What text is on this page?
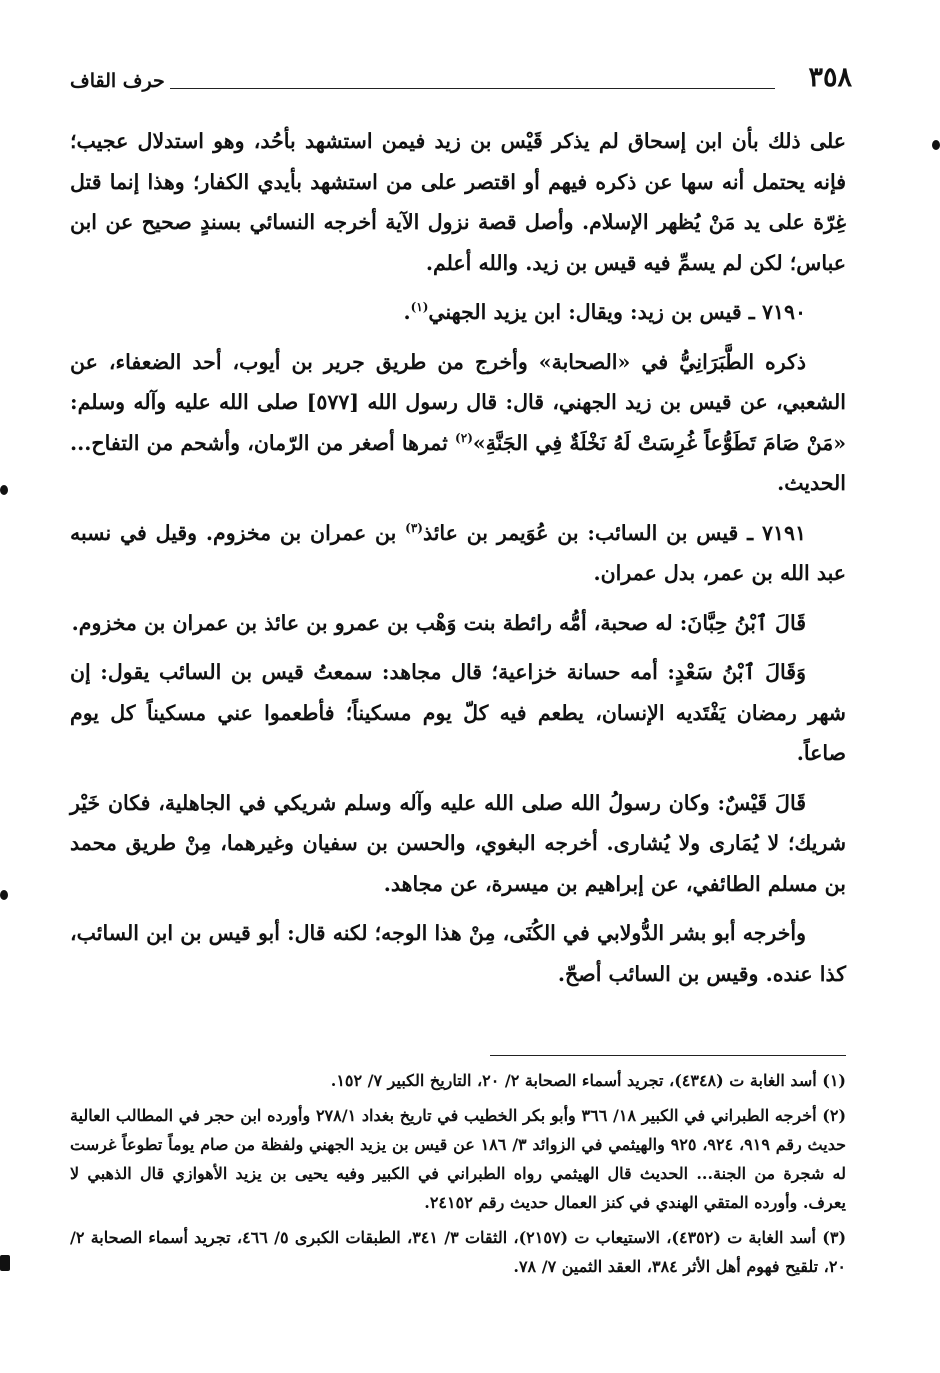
٣٥٨
حرف القاف

على ذلك بأن ابن إسحاق لم يذكر قَيْس بن زيد فيمن استشهد بأحُد، وهو استدلال عجيب؛ فإنه يحتمل أنه سها عن ذكره فيهم أو اقتصر على من استشهد بأيدي الكفار؛ وهذا إنما قتل غِرّة على يد مَنْ يُظهر الإسلام. وأصل قصة نزول الآية أخرجه النسائي بسندٍ صحيح عن ابن عباس؛ لكن لم يسمِّ فيه قيس بن زيد. والله أعلم.

٧١٩٠ ـ قيس بن زيد: ويقال: ابن يزيد الجهني$^{(١)}$.

ذكره الطَّبَرَانِيُّ في «الصحابة» وأخرج من طريق جرير بن أيوب، أحد الضعفاء، عن الشعبي، عن قيس بن زيد الجهني، قال: قال رسول الله [٥٧٧] صلى الله عليه وآله وسلم: «مَنْ صَامَ تَطَوُّعاً غُرِسَتْ لَهُ نَخْلَةٌ فِي الجَنَّةِ»$^{(٢)}$ ثمرها أصغر من الرّمان، وأشحم من التفاح... الحديث.

٧١٩١ ـ قيس بن السائب: بن عُوَيمر بن عائذ$^{(٣)}$ بن عمران بن مخزوم. وقيل في نسبه عبد الله بن عمر، بدل عمران.

قَالَ ٱبْنُ حِبَّانَ: له صحبة، أمُّه رائطة بنت وَهْب بن عمرو بن عائذ بن عمران بن مخزوم.

وَقَالَ ٱبْنُ سَعْدٍ: أمه حسانة خزاعية؛ قال مجاهد: سمعتُ قيس بن السائب يقول: إن شهر رمضان يَفْتَديه الإنسان، يطعم فيه كلّ يوم مسكيناً؛ فأطعموا عني مسكيناً كل يوم صاعاً.

قَالَ قَيْسٌ: وكان رسولُ الله صلى الله عليه وآله وسلم شريكي في الجاهلية، فكان خَيْر شريك؛ لا يُمَارى ولا يُشارى. أخرجه البغوي، والحسن بن سفيان وغيرهما، مِنْ طريق محمد بن مسلم الطائفي، عن إبراهيم بن ميسرة، عن مجاهد.

وأخرجه أبو بشر الدُّولابي في الكُنَى، مِنْ هذا الوجه؛ لكنه قال: أبو قيس بن ابن السائب، كذا عنده. وقيس بن السائب أصحّ.

(١) أسد الغابة ت (٤٣٤٨)، تجريد أسماء الصحابة ٢/ ٢٠، التاريخ الكبير ٧/ ١٥٢.

(٢) أخرجه الطبراني في الكبير ١٨/ ٣٦٦ وأبو بكر الخطيب في تاريخ بغداد ٢٧٨/١ وأورده ابن حجر في المطالب العالية حديث رقم ٩١٩، ٩٢٤، ٩٢٥ والهيثمي في الزوائد ٣/ ١٨٦ عن قيس بن يزيد الجهني ولفظة من صام يوماً تطوعاً غرست له شجرة من الجنة... الحديث قال الهيثمي رواه الطبراني في الكبير وفيه يحيى بن يزيد الأهوازي قال الذهبي لا يعرف. وأورده المتقي الهندي في كنز العمال حديث رقم ٢٤١٥٢.

(٣) أسد الغابة ت (٤٣٥٢)، الاستيعاب ت (٢١٥٧)، الثقات ٣/ ٣٤١، الطبقات الكبرى ٥/ ٤٦٦، تجريد أسماء الصحابة ٢/ ٢٠، تلقيح فهوم أهل الأثر ٣٨٤، العقد الثمين ٧/ ٧٨.
